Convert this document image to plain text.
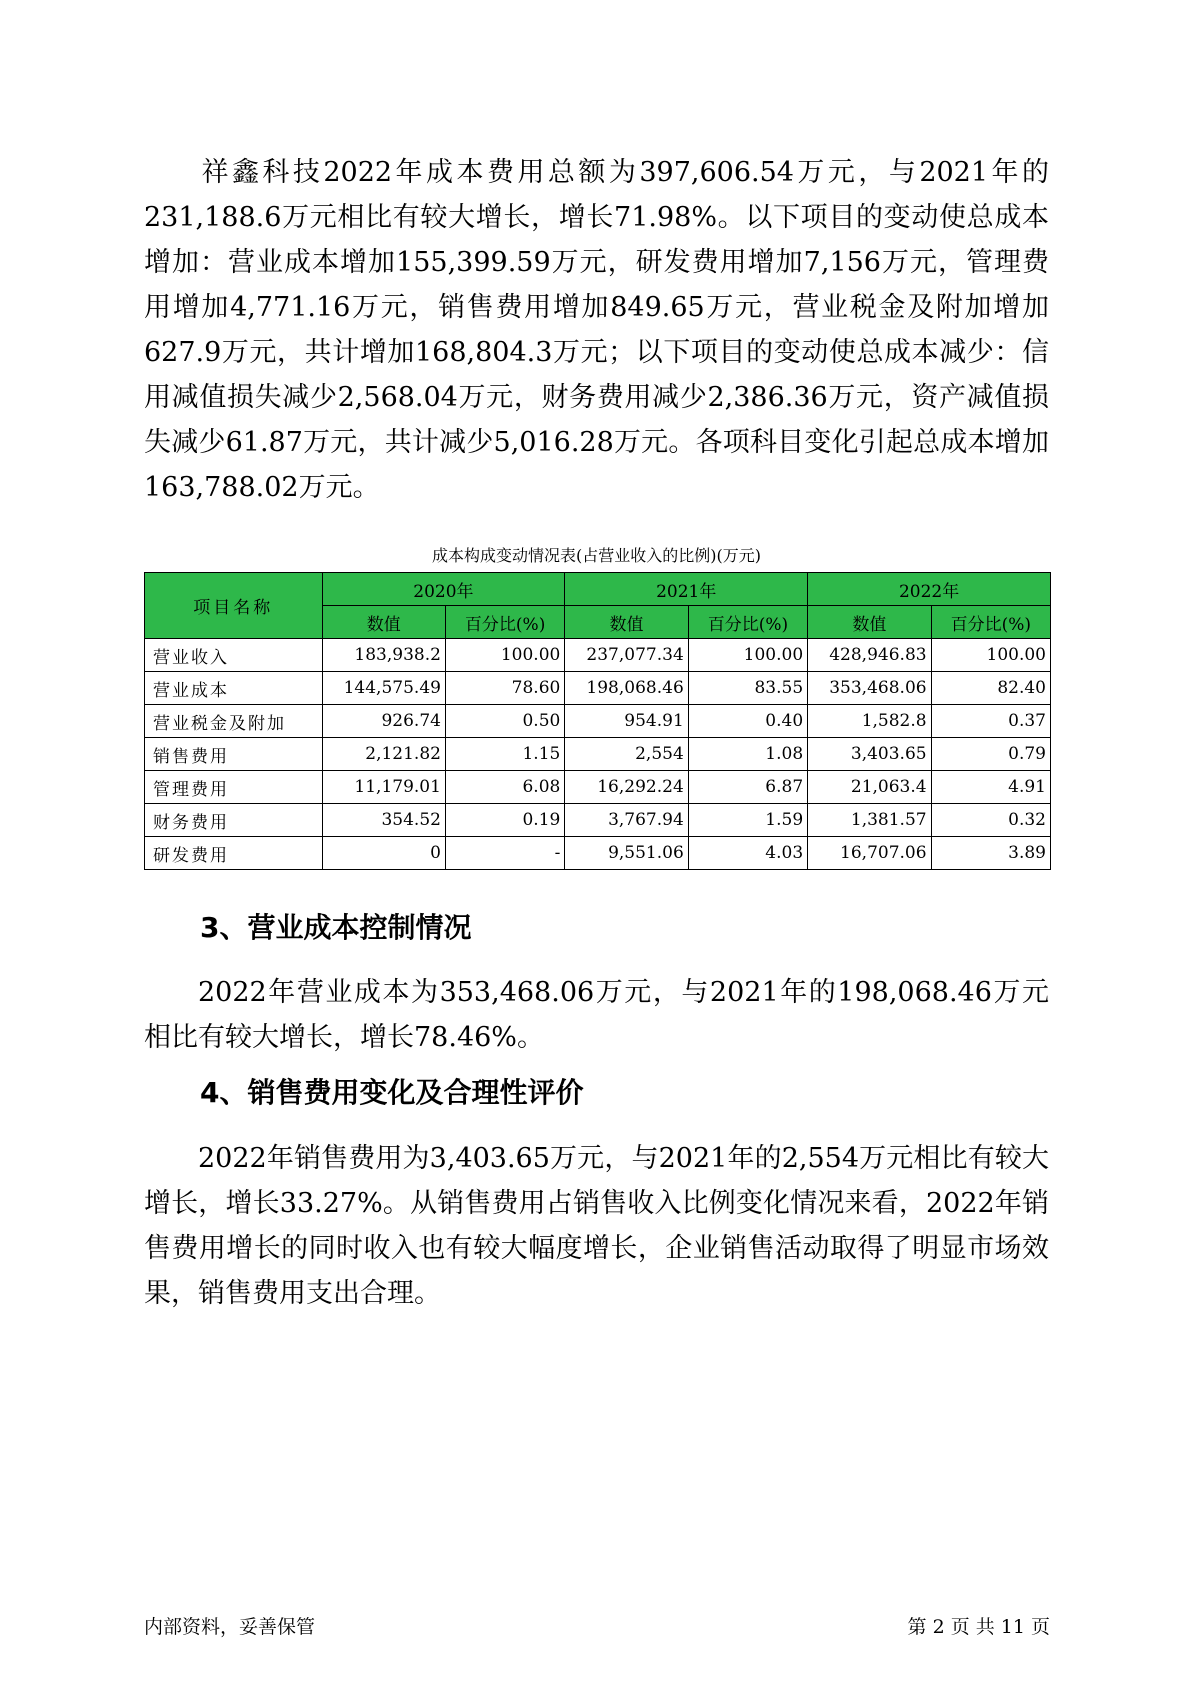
祥鑫科技2022年成本费用总额为397,606.54万元，与2021年的231,188.6万元相比有较大增长，增长71.98%。以下项目的变动使总成本增加：营业成本增加155,399.59万元，研发费用增加7,156万元，管理费用增加4,771.16万元，销售费用增加849.65万元，营业税金及附加增加627.9万元，共计增加168,804.3万元；以下项目的变动使总成本减少：信用减值损失减少2,568.04万元，财务费用减少2,386.36万元，资产减值损失减少61.87万元，共计减少5,016.28万元。各项科目变化引起总成本增加163,788.02万元。

成本构成变动情况表(占营业收入的比例)(万元)
项目名称	2020年		2021年		2022年	
	数值	百分比(%)	数值	百分比(%)	数值	百分比(%)
营业收入	183,938.2	100.00	237,077.34	100.00	428,946.83	100.00
营业成本	144,575.49	78.60	198,068.46	83.55	353,468.06	82.40
营业税金及附加	926.74	0.50	954.91	0.40	1,582.8	0.37
销售费用	2,121.82	1.15	2,554	1.08	3,403.65	0.79
管理费用	11,179.01	6.08	16,292.24	6.87	21,063.4	4.91
财务费用	354.52	0.19	3,767.94	1.59	1,381.57	0.32
研发费用	0	-	9,551.06	4.03	16,707.06	3.89
3、营业成本控制情况

2022年营业成本为353,468.06万元，与2021年的198,068.46万元相比有较大增长，增长78.46%。

4、销售费用变化及合理性评价

2022年销售费用为3,403.65万元，与2021年的2,554万元相比有较大增长，增长33.27%。从销售费用占销售收入比例变化情况来看，2022年销售费用增长的同时收入也有较大幅度增长，企业销售活动取得了明显市场效果，销售费用支出合理。

内部资料，妥善保管	第 2 页 共 11 页
